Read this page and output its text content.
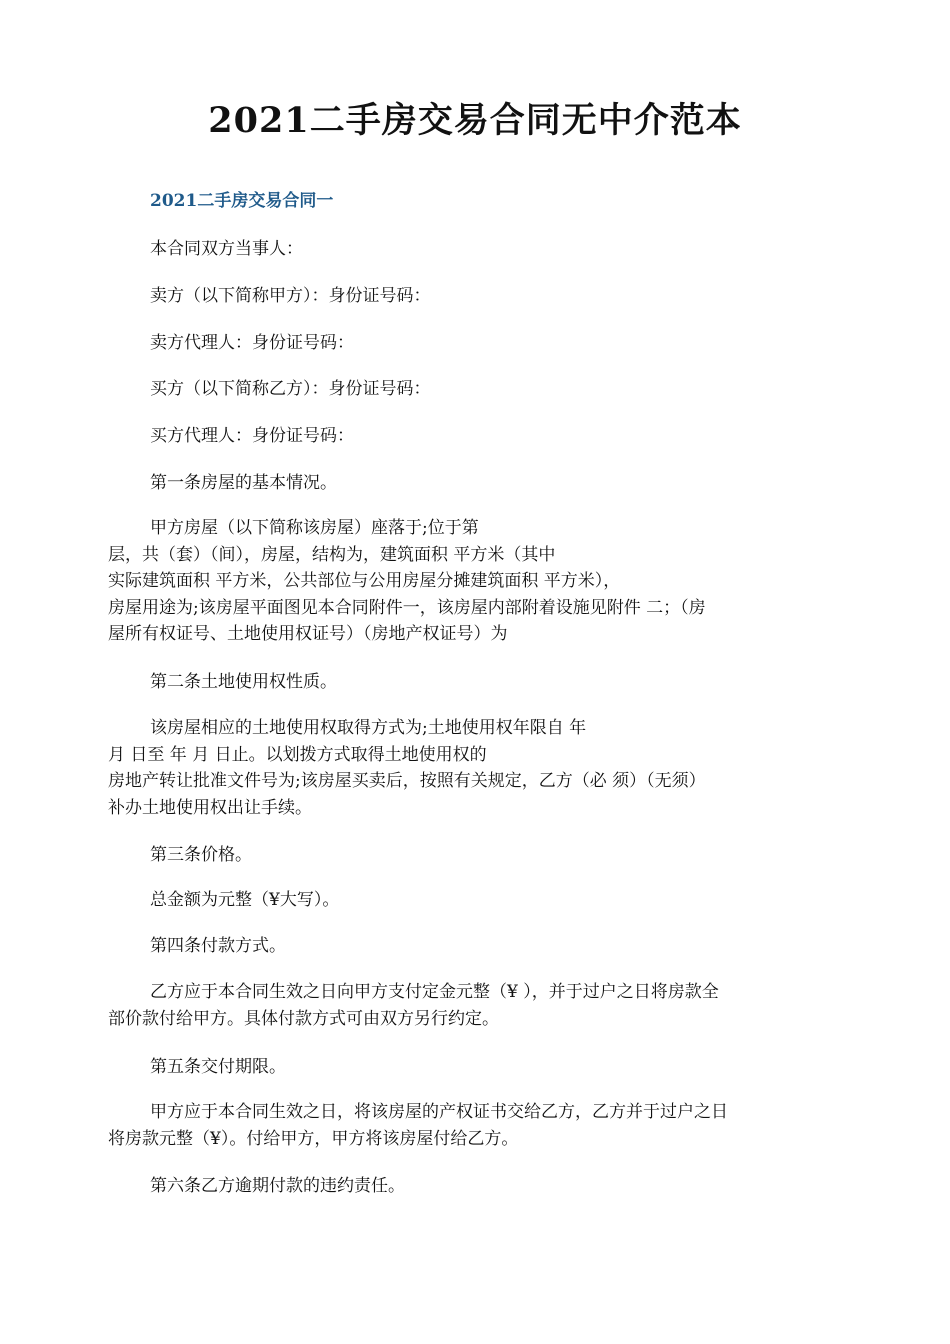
2021二手房交易合同无中介范本
2021二手房交易合同一

本合同双方当事人：

卖方（以下简称甲方）：身份证号码：

卖方代理人：身份证号码：

买方（以下简称乙方）：身份证号码：

买方代理人：身份证号码：

第一条房屋的基本情况。

甲方房屋（以下简称该房屋）座落于;位于第
层，共（套）（间），房屋，结构为，建筑面积 平方米（其中
实际建筑面积 平方米，公共部位与公用房屋分摊建筑面积 平方米），
房屋用途为;该房屋平面图见本合同附件一，该房屋内部附着设施见附件 二；（房
屋所有权证号、土地使用权证号）（房地产权证号）为

第二条土地使用权性质。

该房屋相应的土地使用权取得方式为;土地使用权年限自 年
月 日至 年 月 日止。以划拨方式取得土地使用权的
房地产转让批准文件号为;该房屋买卖后，按照有关规定，乙方（必 须）（无须）
补办土地使用权出让手续。

第三条价格。

总金额为元整（¥大写）。

第四条付款方式。

乙方应于本合同生效之日向甲方支付定金元整（¥ ），并于过户之日将房款全
部价款付给甲方。具体付款方式可由双方另行约定。

第五条交付期限。

甲方应于本合同生效之日，将该房屋的产权证书交给乙方，乙方并于过户之日
将房款元整（¥）。付给甲方，甲方将该房屋付给乙方。

第六条乙方逾期付款的违约责任。
